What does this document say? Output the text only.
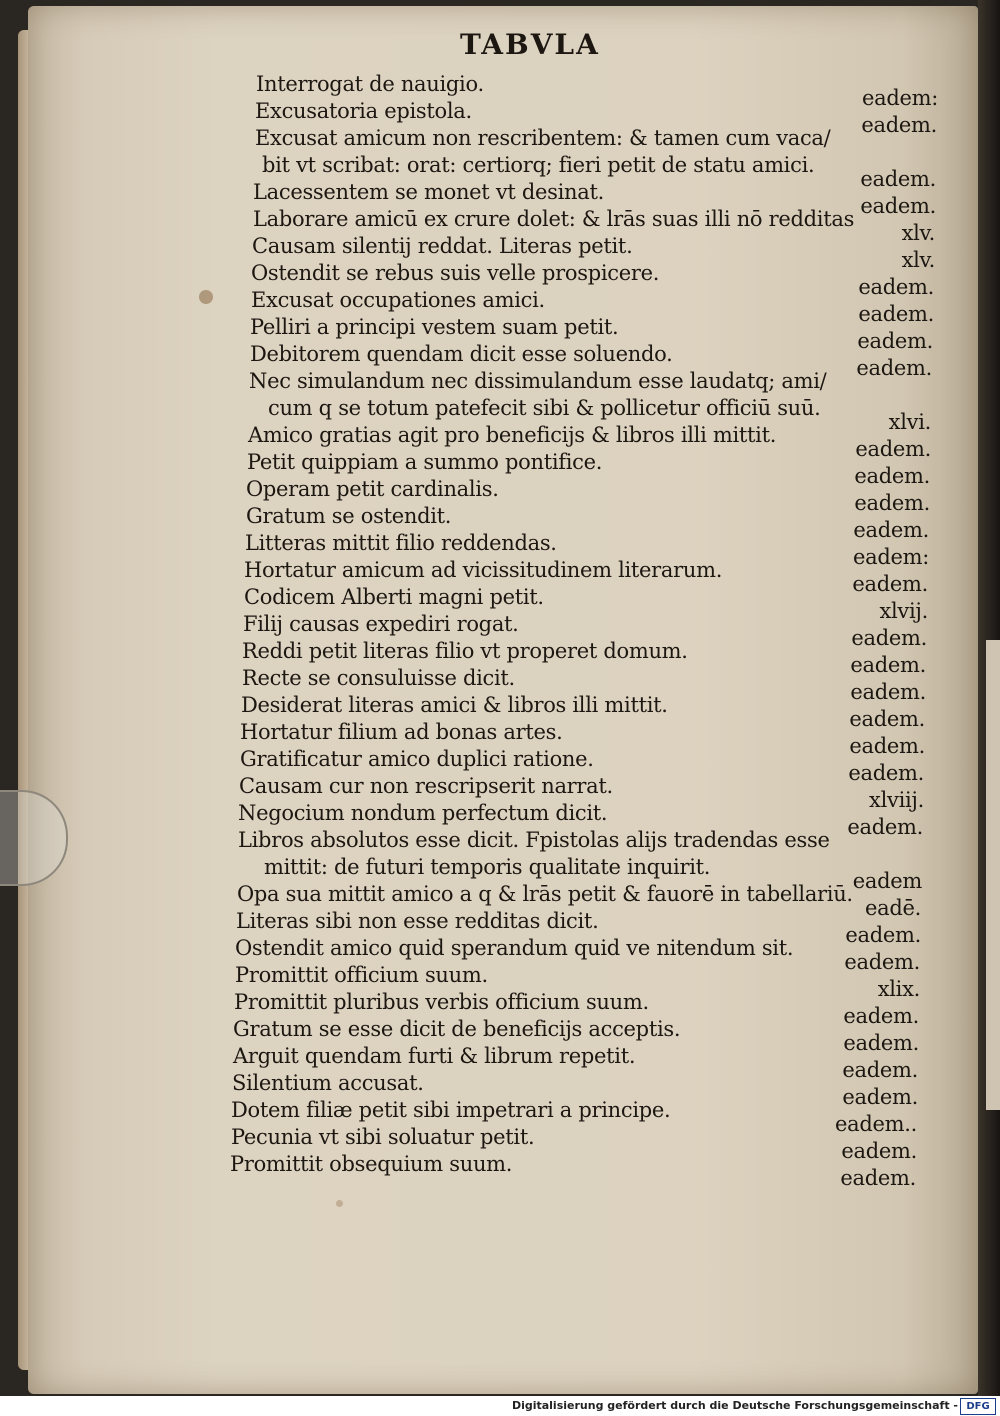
TABVLA
Interrogat de nauigio.
eadem:
Excusatoria epistola.
eadem.
Excusat amicum non rescribentem: & tamen cum vaca/
bit vt scribat: orat: certiorq; fieri petit de statu amici.
eadem.
Lacessentem se monet vt desinat.
eadem.
Laborare amicū ex crure dolet: & lrās suas illi nō redditas
xlv.
Causam silentij reddat. Literas petit.
xlv.
Ostendit se rebus suis velle prospicere.
eadem.
Excusat occupationes amici.
eadem.
Pelliri a principi vestem suam petit.
eadem.
Debitorem quendam dicit esse soluendo.
eadem.
Nec simulandum nec dissimulandum esse laudatq; ami/
cum q se totum patefecit sibi & pollicetur officiū suū.
xlvi.
Amico gratias agit pro beneficijs & libros illi mittit.
eadem.
Petit quippiam a summo pontifice.
eadem.
Operam petit cardinalis.
eadem.
Gratum se ostendit.
eadem.
Litteras mittit filio reddendas.
eadem:
Hortatur amicum ad vicissitudinem literarum.
eadem.
Codicem Alberti magni petit.
xlvij.
Filij causas expediri rogat.
eadem.
Reddi petit literas filio vt properet domum.
eadem.
Recte se consuluisse dicit.
eadem.
Desiderat literas amici & libros illi mittit.
eadem.
Hortatur filium ad bonas artes.
eadem.
Gratificatur amico duplici ratione.
eadem.
Causam cur non rescripserit narrat.
xlviij.
Negocium nondum perfectum dicit.
eadem.
Libros absolutos esse dicit. Fpistolas alijs tradendas esse
mittit: de futuri temporis qualitate inquirit.
eadem
Opa sua mittit amico a q & lrās petit & fauorē in tabellariū.
eadē.
Literas sibi non esse redditas dicit.
eadem.
Ostendit amico quid sperandum quid ve nitendum sit.
eadem.
Promittit officium suum.
xlix.
Promittit pluribus verbis officium suum.
eadem.
Gratum se esse dicit de beneficijs acceptis.
eadem.
Arguit quendam furti & librum repetit.
eadem.
Silentium accusat.
eadem.
Dotem filiæ petit sibi impetrari a principe.
eadem..
Pecunia vt sibi soluatur petit.
eadem.
Promittit obsequium suum.
eadem.
Digitalisierung gefördert durch die Deutsche Forschungsgemeinschaft - DFG
